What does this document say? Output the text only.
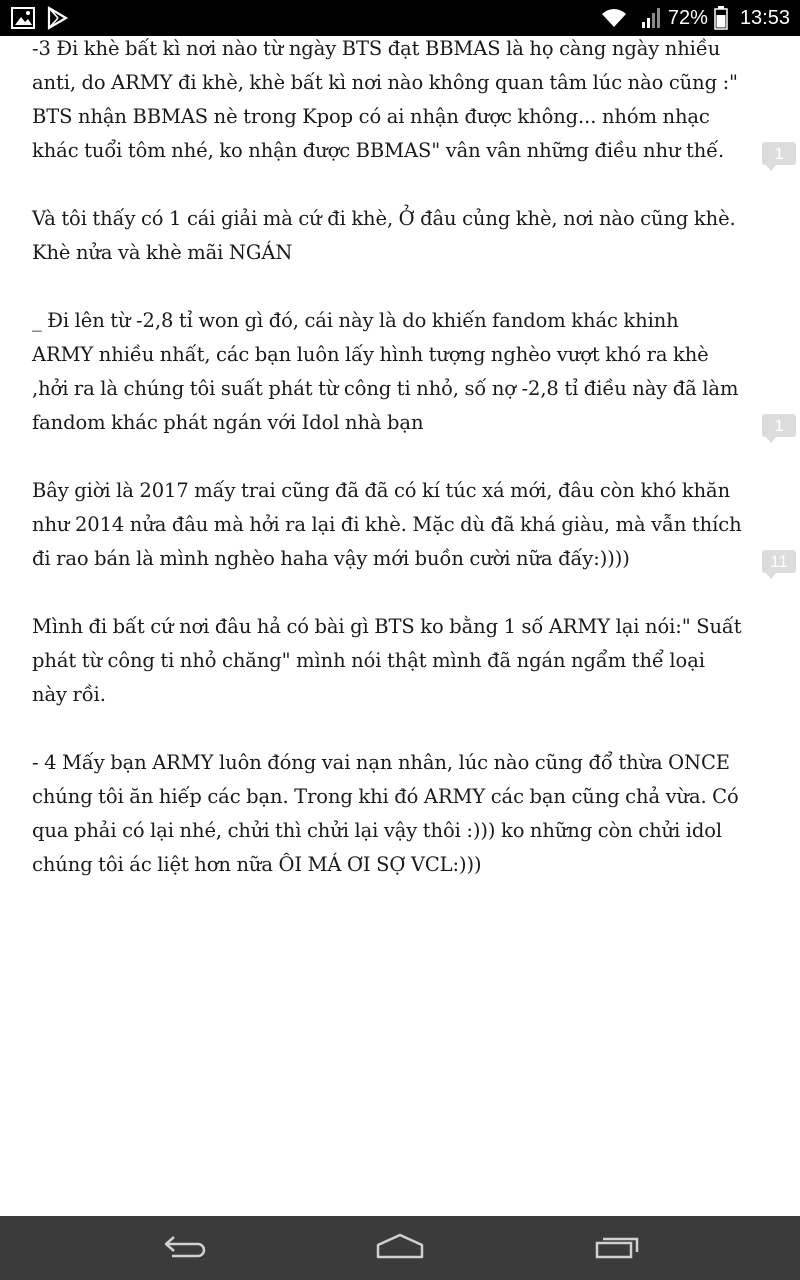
72% 13:53
-3 Đi khè bất kì nơi nào từ ngày BTS đạt BBMAS là họ càng ngày nhiều
anti, do ARMY đi khè, khè bất kì nơi nào không quan tâm lúc nào cũng :"
BTS nhận BBMAS nè trong Kpop có ai nhận được không... nhóm nhạc
khác tuổi tôm nhé, ko nhận được BBMAS" vân vân những điều như thế.	1
Và tôi thấy có 1 cái giải mà cứ đi khè, Ở đâu củng khè, nơi nào cũng khè.
Khè nửa và khè mãi NGÁN
_ Đi lên từ -2,8 tỉ won gì đó, cái này là do khiến fandom khác khinh
ARMY nhiều nhất, các bạn luôn lấy hình tượng nghèo vượt khó ra khè
,hởi ra là chúng tôi suất phát từ công ti nhỏ, số nợ -2,8 tỉ điều này đã làm
fandom khác phát ngán với Idol nhà bạn	1
Bây giời là 2017 mấy trai cũng đã đã có kí túc xá mới, đâu còn khó khăn
như 2014 nửa đâu mà hởi ra lại đi khè. Mặc dù đã khá giàu, mà vẫn thích
đi rao bán là mình nghèo haha vậy mới buồn cười nữa đấy:))))	11
Mình đi bất cứ nơi đâu hả có bài gì BTS ko bằng 1 số ARMY lại nói:" Suất
phát từ công ti nhỏ chăng" mình nói thật mình đã ngán ngẩm thể loại
này rồi.
- 4 Mấy bạn ARMY luôn đóng vai nạn nhân, lúc nào cũng đổ thừa ONCE
chúng tôi ăn hiếp các bạn. Trong khi đó ARMY các bạn cũng chả vừa. Có
qua phải có lại nhé, chửi thì chửi lại vậy thôi :))) ko những còn chửi idol
chúng tôi ác liệt hơn nữa ÔI MÁ ƠI SỢ VCL:)))
